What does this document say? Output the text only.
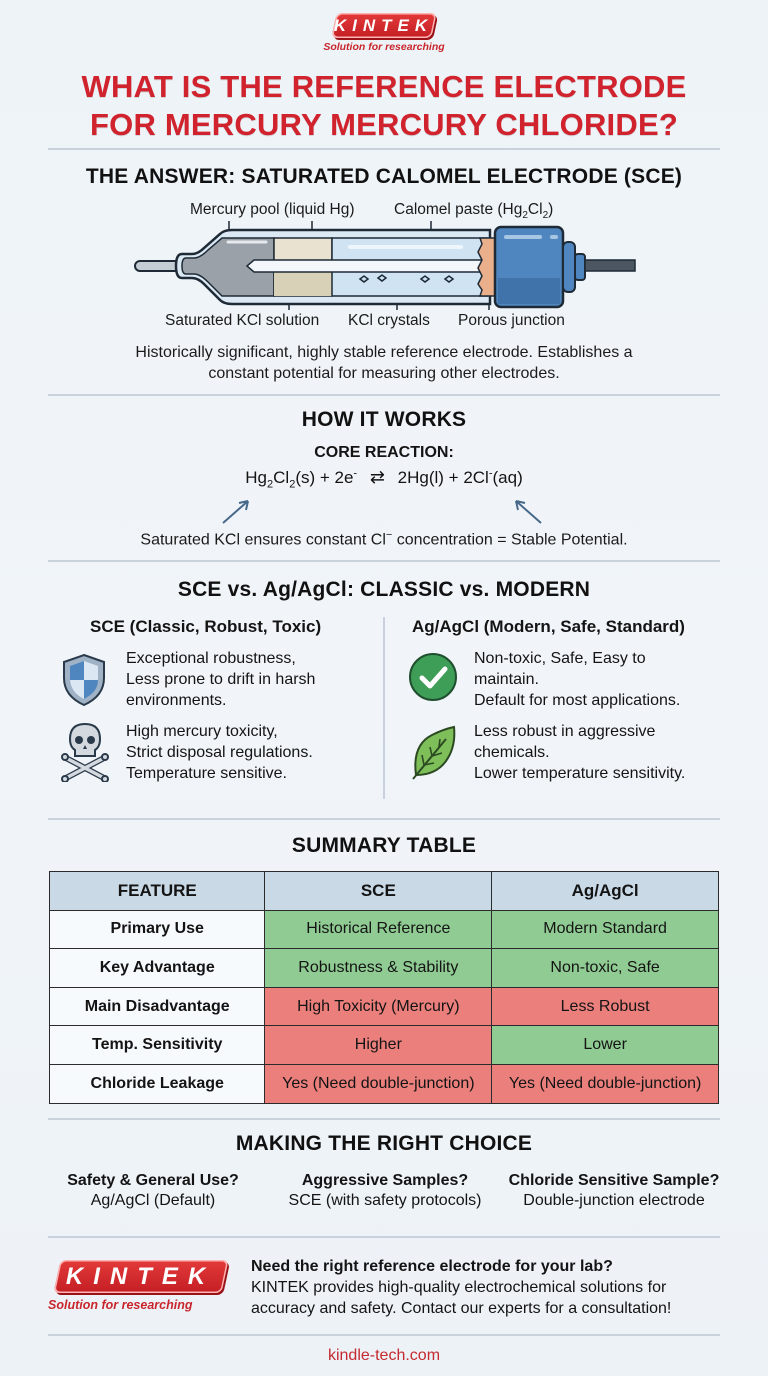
KINTEK
Solution for researching
WHAT IS THE REFERENCE ELECTRODE
FOR MERCURY MERCURY CHLORIDE?
THE ANSWER: SATURATED CALOMEL ELECTRODE (SCE)
Mercury pool (liquid Hg)	Calomel paste $(Hg_2Cl_2)$
Saturated KCl solution KCl crystals Porous junction
Historically significant, highly stable reference electrode. Establishes a
constant potential for measuring other electrodes.
HOW IT WORKS
CORE REACTION:
$Hg_2Cl_2(s) + 2e^-$ ⇄ 2Hg(l) + 2Cl-(aq)
Saturated KCl ensures constant Cl− concentration = Stable Potential.
SCE vs. Ag/AgCl: CLASSIC vs. MODERN
SCE (Classic, Robust, Toxic)	Ag/AgCl (Modern, Safe, Standard)
Exceptional robustness,
Less prone to drift in harsh
environments.
High mercury toxicity,
Strict disposal regulations.
Temperature sensitive.
Non-toxic, Safe, Easy to
maintain.
Default for most applications.
Less robust in aggressive
chemicals.
Lower temperature sensitivity.
SUMMARY TABLE
FEATURE	SCE	Ag/AgCl
Primary Use	Historical Reference	Modern Standard
Key Advantage	Robustness & Stability	Non-toxic, Safe
Main Disadvantage	High Toxicity (Mercury)	Less Robust
Temp. Sensitivity	Higher	Lower
Chloride Leakage	Yes (Need double-junction)	Yes (Need double-junction)
MAKING THE RIGHT CHOICE
Safety & General Use?
Ag/AgCl (Default)
Aggressive Samples?
SCE (with safety protocols)
Chloride Sensitive Sample?
Double-junction electrode
KINTEK
Solution for researching
Need the right reference electrode for your lab?
KINTEK provides high-quality electrochemical solutions for
accuracy and safety. Contact our experts for a consultation!
kindle-tech.com
